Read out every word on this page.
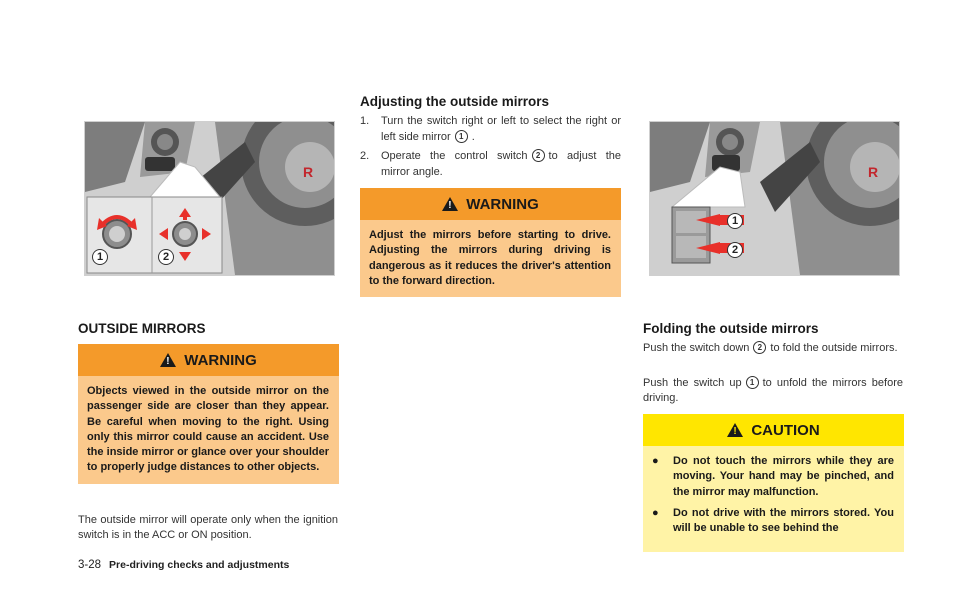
R
1	2
OUTSIDE MIRRORS
! WARNING
Objects viewed in the outside mirror on the passenger side are closer than they appear. Be careful when moving to the right. Using only this mirror could cause an accident. Use the inside mirror or glance over your shoulder to properly judge distances to other objects.

The outside mirror will operate only when the ignition switch is in the ACC or ON position.

Adjusting the outside mirrors
1. Turn the switch right or left to select the right or left side mirror 1 .
2. Operate the control switch 2 to adjust the mirror angle.
! WARNING
Adjust the mirrors before starting to drive. Adjusting the mirrors during driving is dangerous as it reduces the driver's attention to the forward direction.
R
1
2
Folding the outside mirrors

Push the switch down 2 to fold the outside mirrors.

Push the switch up 1 to unfold the mirrors before driving.

! CAUTION
● Do not touch the mirrors while they are moving. Your hand may be pinched, and the mirror may malfunction.
● Do not drive with the mirrors stored. You will be unable to see behind the
3-28 Pre-driving checks and adjustments
